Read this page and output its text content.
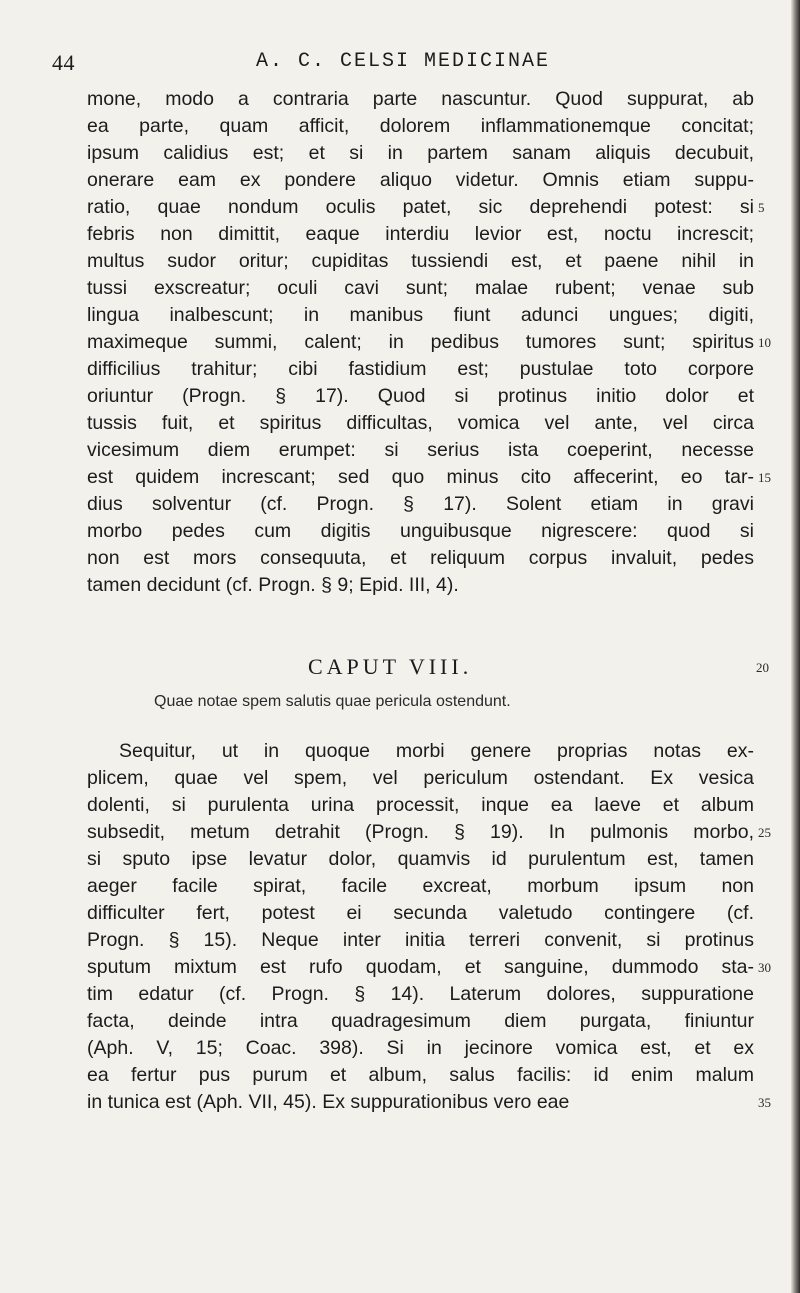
44	A. C. CELSI MEDICINAE
mone, modo a contraria parte nascuntur. Quod suppurat, ab
ea parte, quam afficit, dolorem inflammationemque concitat;
ipsum calidius est; et si in partem sanam aliquis decubuit,
onerare eam ex pondere aliquo videtur. Omnis etiam suppu-
ratio, quae nondum oculis patet, sic deprehendi potest: si 5
febris non dimittit, eaque interdiu levior est, noctu increscit;
multus sudor oritur; cupiditas tussiendi est, et paene nihil in
tussi exscreatur; oculi cavi sunt; malae rubent; venae sub
lingua inalbescunt; in manibus fiunt adunci ungues; digiti,
maximeque summi, calent; in pedibus tumores sunt; spiritus 10
difficilius trahitur; cibi fastidium est; pustulae toto corpore
oriuntur (Progn. § 17). Quod si protinus initio dolor et
tussis fuit, et spiritus difficultas, vomica vel ante, vel circa
vicesimum diem erumpet: si serius ista coeperint, necesse
est quidem increscant; sed quo minus cito affecerint, eo tar- 15
dius solventur (cf. Progn. § 17). Solent etiam in gravi
morbo pedes cum digitis unguibusque nigrescere: quod si
non est mors consequuta, et reliquum corpus invaluit, pedes
tamen decidunt (cf. Progn. § 9; Epid. III, 4).
CAPUT VIII.	20
Quae notae spem salutis quae pericula ostendunt.
Sequitur, ut in quoque morbi genere proprias notas ex-
plicem, quae vel spem, vel periculum ostendant. Ex vesica
dolenti, si purulenta urina processit, inque ea laeve et album
subsedit, metum detrahit (Progn. § 19). In pulmonis morbo, 25
si sputo ipse levatur dolor, quamvis id purulentum est, tamen
aeger facile spirat, facile excreat, morbum ipsum non
difficulter fert, potest ei secunda valetudo contingere (cf.
Progn. § 15). Neque inter initia terreri convenit, si protinus
sputum mixtum est rufo quodam, et sanguine, dummodo sta- 30
tim edatur (cf. Progn. § 14). Laterum dolores, suppuratione
facta, deinde intra quadragesimum diem purgata, finiuntur
(Aph. V, 15; Coac. 398). Si in jecinore vomica est, et ex
ea fertur pus purum et album, salus facilis: id enim malum
in tunica est (Aph. VII, 45). Ex suppurationibus vero eae	35
